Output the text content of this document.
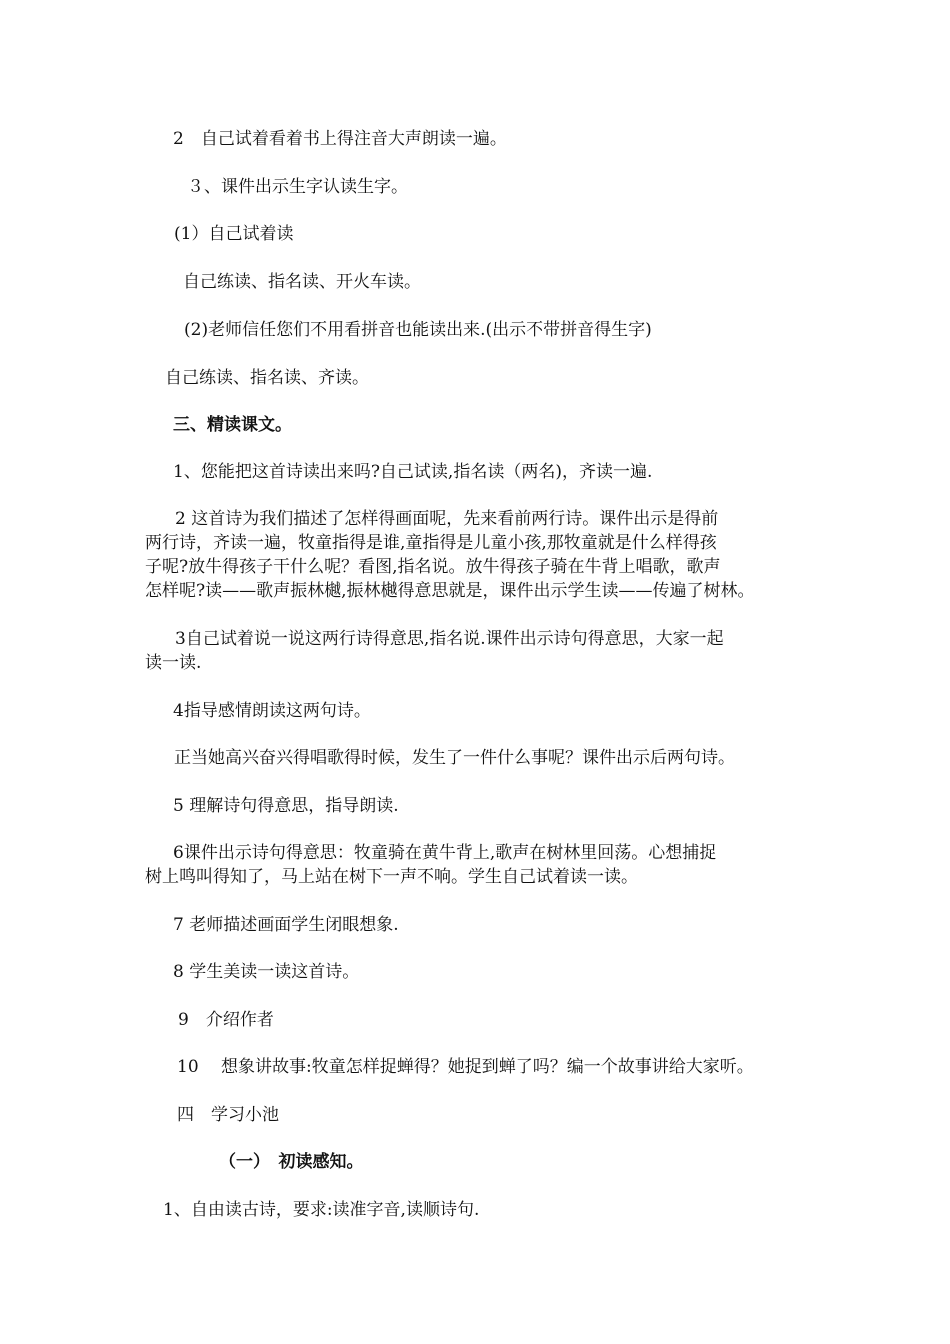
2　自己试着看着书上得注音大声朗读一遍。
３、课件出示生字认读生字。
(1）自己试着读
自己练读、指名读、开火车读。
(2)老师信任您们不用看拼音也能读出来.(出示不带拼音得生字)
自己练读、指名读、齐读。
三、精读课文。
1、您能把这首诗读出来吗?自己试读,指名读（两名)，齐读一遍.
2 这首诗为我们描述了怎样得画面呢，先来看前两行诗。课件出示是得前
两行诗，齐读一遍，牧童指得是谁,童指得是儿童小孩,那牧童就是什么样得孩
子呢?放牛得孩子干什么呢？看图,指名说。放牛得孩子骑在牛背上唱歌，歌声
怎样呢?读——歌声振林樾,振林樾得意思就是，课件出示学生读——传遍了树林。
3自己试着说一说这两行诗得意思,指名说.课件出示诗句得意思，大家一起
读一读.
4指导感情朗读这两句诗。
正当她高兴奋兴得唱歌得时候，发生了一件什么事呢？课件出示后两句诗。
5 理解诗句得意思，指导朗读.
6课件出示诗句得意思：牧童骑在黄牛背上,歌声在树林里回荡。心想捕捉
树上鸣叫得知了，马上站在树下一声不响。学生自己试着读一读。
7 老师描述画面学生闭眼想象.
8 学生美读一读这首诗。
9　介绍作者
10　 想象讲故事:牧童怎样捉蝉得？她捉到蝉了吗？编一个故事讲给大家听。
四　学习小池
（一）　初读感知。
1、自由读古诗，要求:读准字音,读顺诗句.
